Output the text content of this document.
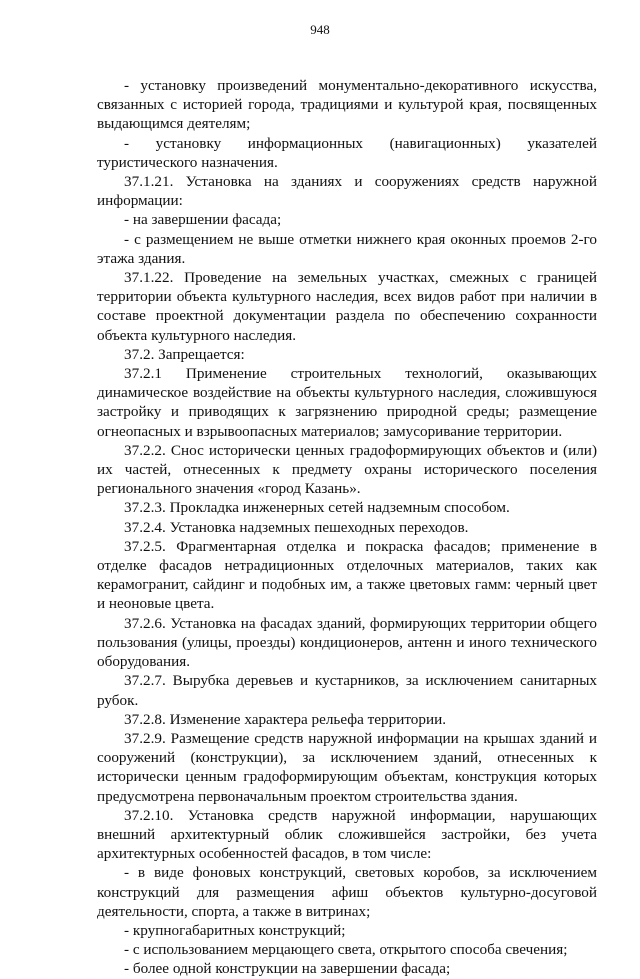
948

- установку произведений монументально-декоративного искусства, связанных с историей города, традициями и культурой края, посвященных выдающимся деятелям;

- установку информационных (навигационных) указателей туристического назначения.

37.1.21. Установка на зданиях и сооружениях средств наружной информации:

- на завершении фасада;

- с размещением не выше отметки нижнего края оконных проемов 2-го этажа здания.

37.1.22. Проведение на земельных участках, смежных с границей территории объекта культурного наследия, всех видов работ при наличии в составе проектной документации раздела по обеспечению сохранности объекта культурного наследия.

37.2. Запрещается:

37.2.1 Применение строительных технологий, оказывающих динамическое воздействие на объекты культурного наследия, сложившуюся застройку и приводящих к загрязнению природной среды; размещение огнеопасных и взрывоопасных материалов; замусоривание территории.

37.2.2. Снос исторически ценных градоформирующих объектов и (или) их частей, отнесенных к предмету охраны исторического поселения регионального значения «город Казань».

37.2.3. Прокладка инженерных сетей надземным способом.

37.2.4. Установка надземных пешеходных переходов.

37.2.5. Фрагментарная отделка и покраска фасадов; применение в отделке фасадов нетрадиционных отделочных материалов, таких как керамогранит, сайдинг и подобных им, а также цветовых гамм: черный цвет и неоновые цвета.

37.2.6. Установка на фасадах зданий, формирующих территории общего пользования (улицы, проезды) кондиционеров, антенн и иного технического оборудования.

37.2.7. Вырубка деревьев и кустарников, за исключением санитарных рубок.

37.2.8. Изменение характера рельефа территории.

37.2.9. Размещение средств наружной информации на крышах зданий и сооружений (конструкции), за исключением зданий, отнесенных к исторически ценным градоформирующим объектам, конструкция которых предусмотрена первоначальным проектом строительства здания.

37.2.10. Установка средств наружной информации, нарушающих внешний архитектурный облик сложившейся застройки, без учета архитектурных особенностей фасадов, в том числе:

- в виде фоновых конструкций, световых коробов, за исключением конструкций для размещения афиш объектов культурно-досуговой деятельности, спорта, а также в витринах;

- крупногабаритных конструкций;

- с использованием мерцающего света, открытого способа свечения;

- более одной конструкции на завершении фасада;
